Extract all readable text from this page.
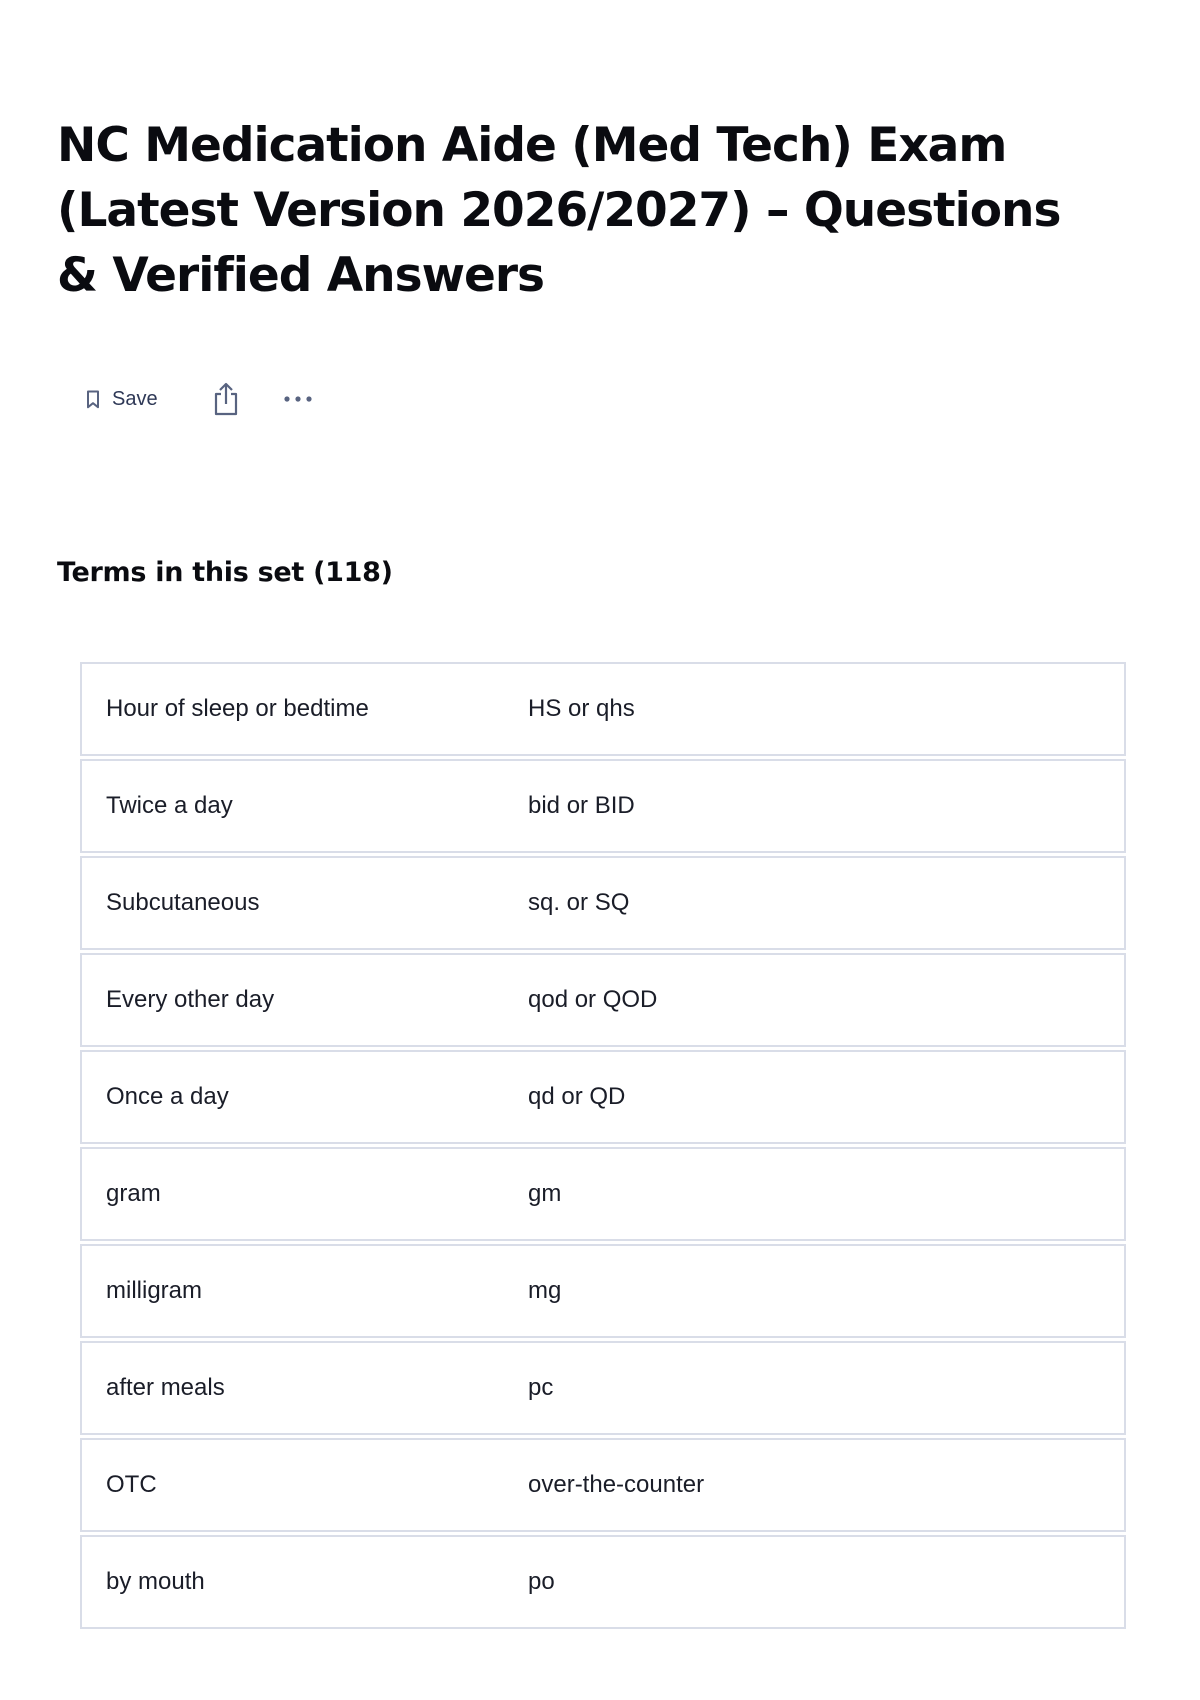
NC Medication Aide (Med Tech) Exam (Latest Version 2026/2027) – Questions & Verified Answers
Save
Terms in this set (118)
Hour of sleep or bedtime	HS or qhs
Twice a day	bid or BID
Subcutaneous	sq. or SQ
Every other day	qod or QOD
Once a day	qd or QD
gram	gm
milligram	mg
after meals	pc
OTC	over-the-counter
by mouth	po
